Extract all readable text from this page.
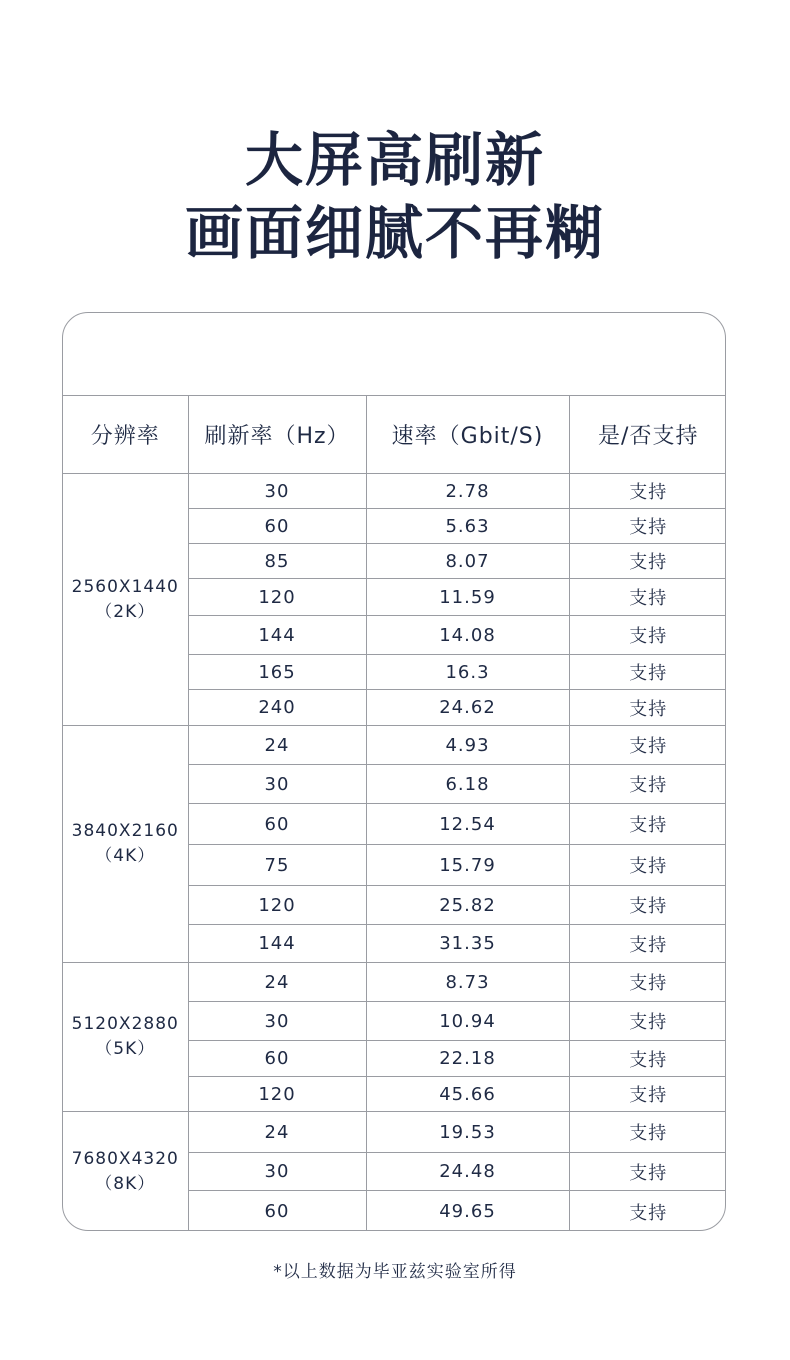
大屏高刷新
画面细腻不再糊
分辨率	刷新率（Hz）	速率（Gbit/S)	是/否支持

2560X1440
（2K）	30	2.78	支持
	60	5.63	支持
	85	8.07	支持
	120	11.59	支持
	144	14.08	支持
	165	16.3	支持
	240	24.62	支持

3840X2160
（4K）	24	4.93	支持
	30	6.18	支持
	60	12.54	支持
	75	15.79	支持
	120	25.82	支持
	144	31.35	支持

5120X2880
（5K）	24	8.73	支持
	30	10.94	支持
	60	22.18	支持
	120	45.66	支持

7680X4320
（8K）	24	19.53	支持
	30	24.48	支持
	60	49.65	支持
*以上数据为毕亚兹实验室所得
